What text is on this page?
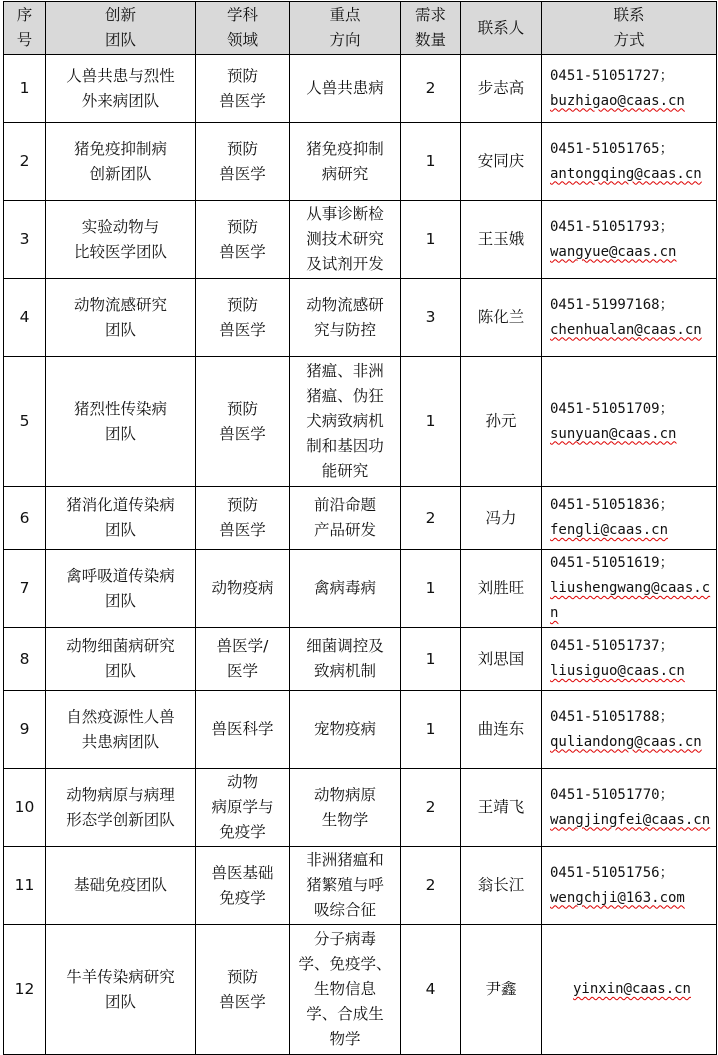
序
号	创新
团队	学科
领域	重点
方向	需求
数量	联系人	联系
方式
1	人兽共患与烈性
外来病团队	预防
兽医学	人兽共患病	2	步志高	0451-51051727；
buzhigao@caas.cn

2	猪免疫抑制病
创新团队	预防
兽医学	猪免疫抑制
病研究	1	安同庆	0451-51051765；
antongqing@caas.cn

3	实验动物与
比较医学团队	预防
兽医学	从事诊断检
测技术研究
及试剂开发	1	王玉娥	0451-51051793；
wangyue@caas.cn

4	动物流感研究
团队	预防
兽医学	动物流感研
究与防控	3	陈化兰	0451-51997168；
chenhualan@caas.cn

5	猪烈性传染病
团队	预防
兽医学	猪瘟、非洲
猪瘟、伪狂
犬病致病机
制和基因功
能研究	1	孙元	0451-51051709；
sunyuan@caas.cn

6	猪消化道传染病
团队	预防
兽医学	前沿命题
产品研发	2	冯力	0451-51051836；
fengli@caas.cn

7	禽呼吸道传染病
团队	动物疫病	禽病毒病	1	刘胜旺	0451-51051619；
liushengwang@caas.cn

8	动物细菌病研究
团队	兽医学/
医学	细菌调控及
致病机制	1	刘思国	0451-51051737；
liusiguo@caas.cn

9	自然疫源性人兽
共患病团队	兽医科学	宠物疫病	1	曲连东	0451-51051788；
quliandong@caas.cn

10	动物病原与病理
形态学创新团队	动物
病原学与
免疫学	动物病原
生物学	2	王靖飞	0451-51051770；
wangjingfei@caas.cn

11	基础免疫团队	兽医基础
免疫学	非洲猪瘟和
猪繁殖与呼
吸综合征	2	翁长江	0451-51051756；
wengchji@163.com

12	牛羊传染病研究
团队	预防
兽医学	分子病毒
学、免疫学、
生物信息
学、合成生
物学	4	尹鑫	yinxin@caas.cn
